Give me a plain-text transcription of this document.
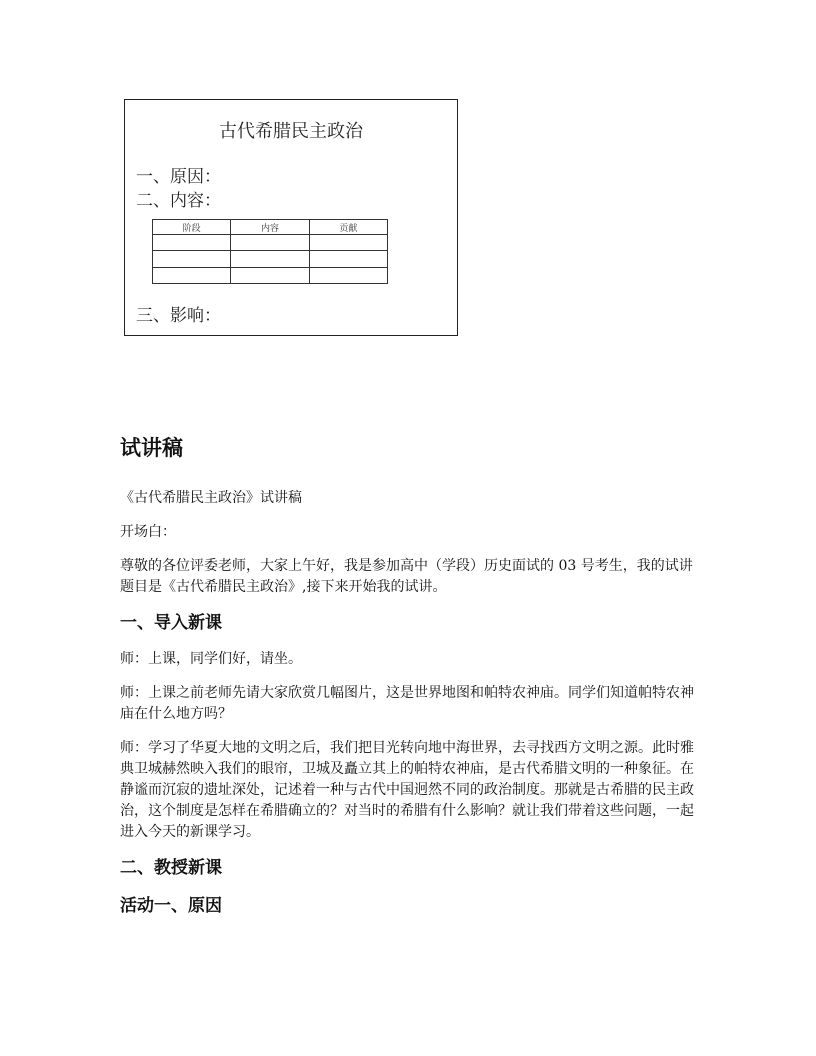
古代希腊民主政治
一、原因：
二、内容：
阶段	内容	贡献

三、影响：
试讲稿
《古代希腊民主政治》试讲稿
开场白：
尊敬的各位评委老师，大家上午好，我是参加高中（学段）历史面试的 03 号考生，我的试讲题目是《古代希腊民主政治》,接下来开始我的试讲。
一、导入新课
师：上课，同学们好，请坐。
师：上课之前老师先请大家欣赏几幅图片，这是世界地图和帕特农神庙。同学们知道帕特农神庙在什么地方吗？
师：学习了华夏大地的文明之后，我们把目光转向地中海世界，去寻找西方文明之源。此时雅典卫城赫然映入我们的眼帘，卫城及矗立其上的帕特农神庙，是古代希腊文明的一种象征。在静谧而沉寂的遗址深处，记述着一种与古代中国迥然不同的政治制度。那就是古希腊的民主政治，这个制度是怎样在希腊确立的？对当时的希腊有什么影响？就让我们带着这些问题，一起进入今天的新课学习。
二、教授新课
活动一、原因
